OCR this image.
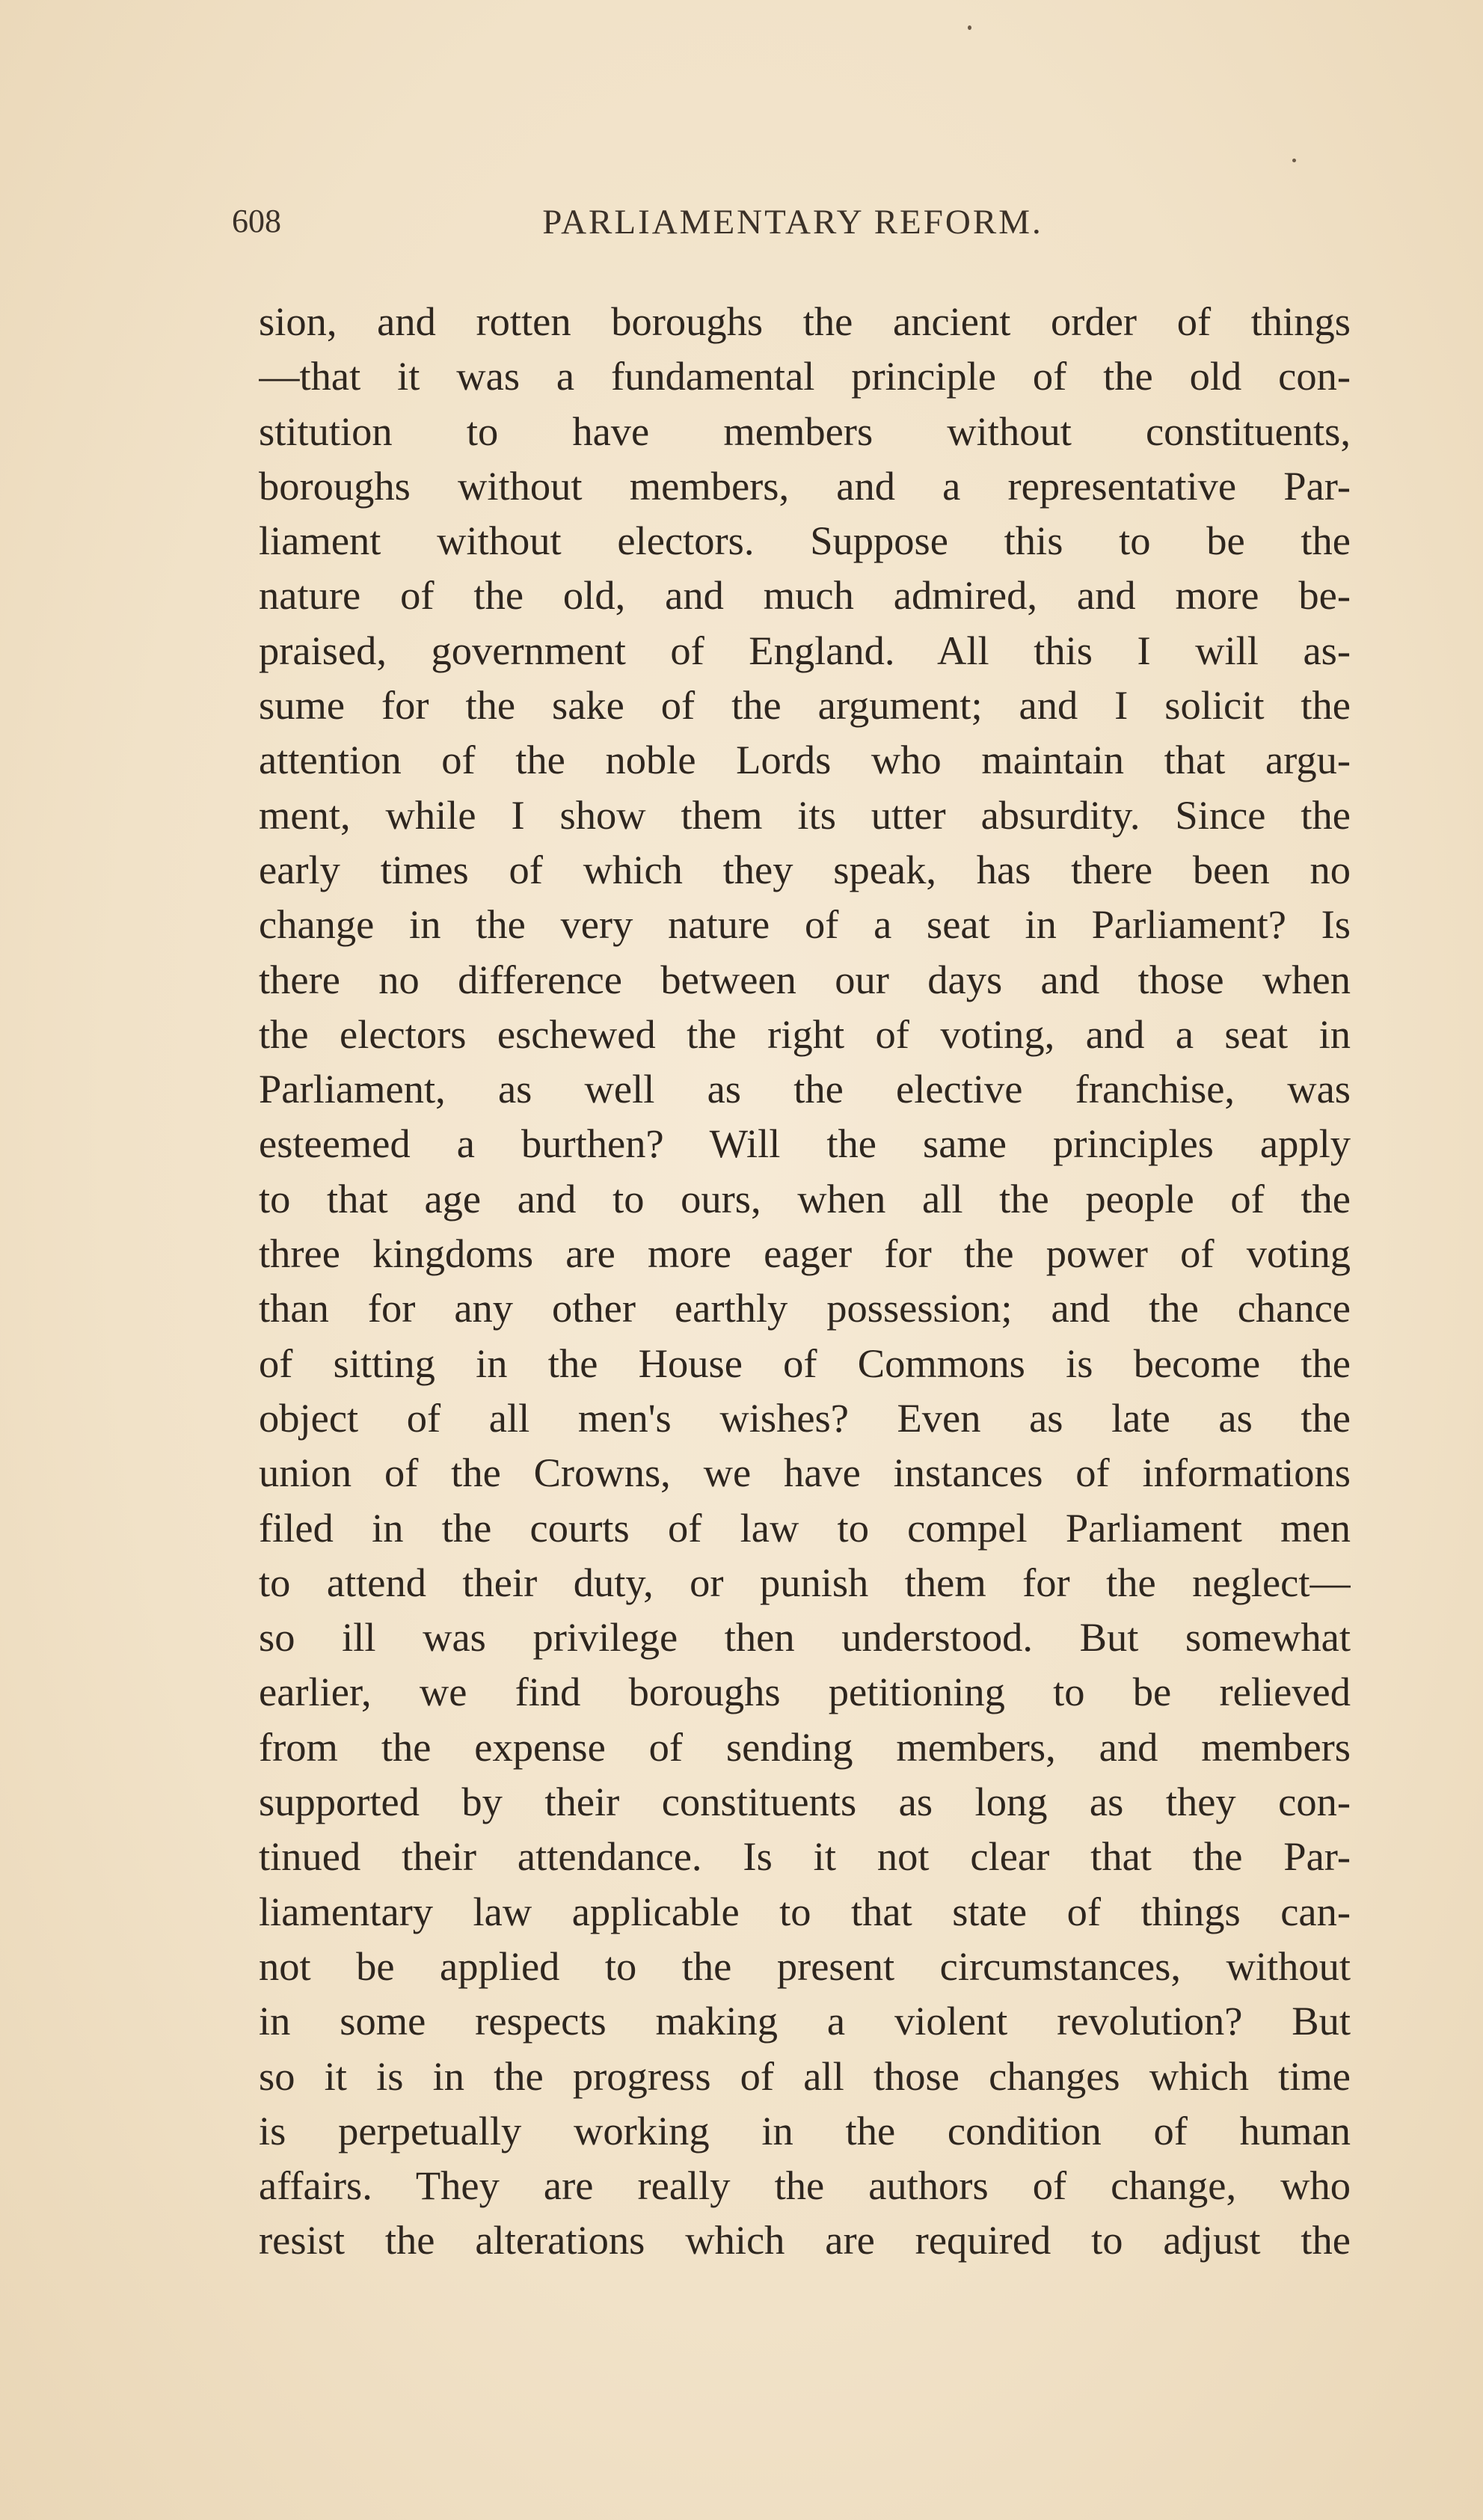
608	PARLIAMENTARY REFORM.
sion, and rotten boroughs the ancient order of things
—that it was a fundamental principle of the old con-
stitution to have members without constituents,
boroughs without members, and a representative Par-
liament without electors. Suppose this to be the
nature of the old, and much admired, and more be-
praised, government of England. All this I will as-
sume for the sake of the argument; and I solicit the
attention of the noble Lords who maintain that argu-
ment, while I show them its utter absurdity. Since the
early times of which they speak, has there been no
change in the very nature of a seat in Parliament? Is
there no difference between our days and those when
the electors eschewed the right of voting, and a seat in
Parliament, as well as the elective franchise, was
esteemed a burthen? Will the same principles apply
to that age and to ours, when all the people of the
three kingdoms are more eager for the power of voting
than for any other earthly possession; and the chance
of sitting in the House of Commons is become the
object of all men's wishes? Even as late as the
union of the Crowns, we have instances of informations
filed in the courts of law to compel Parliament men
to attend their duty, or punish them for the neglect—
so ill was privilege then understood. But somewhat
earlier, we find boroughs petitioning to be relieved
from the expense of sending members, and members
supported by their constituents as long as they con-
tinued their attendance. Is it not clear that the Par-
liamentary law applicable to that state of things can-
not be applied to the present circumstances, without
in some respects making a violent revolution? But
so it is in the progress of all those changes which time
is perpetually working in the condition of human
affairs. They are really the authors of change, who
resist the alterations which are required to adjust the
